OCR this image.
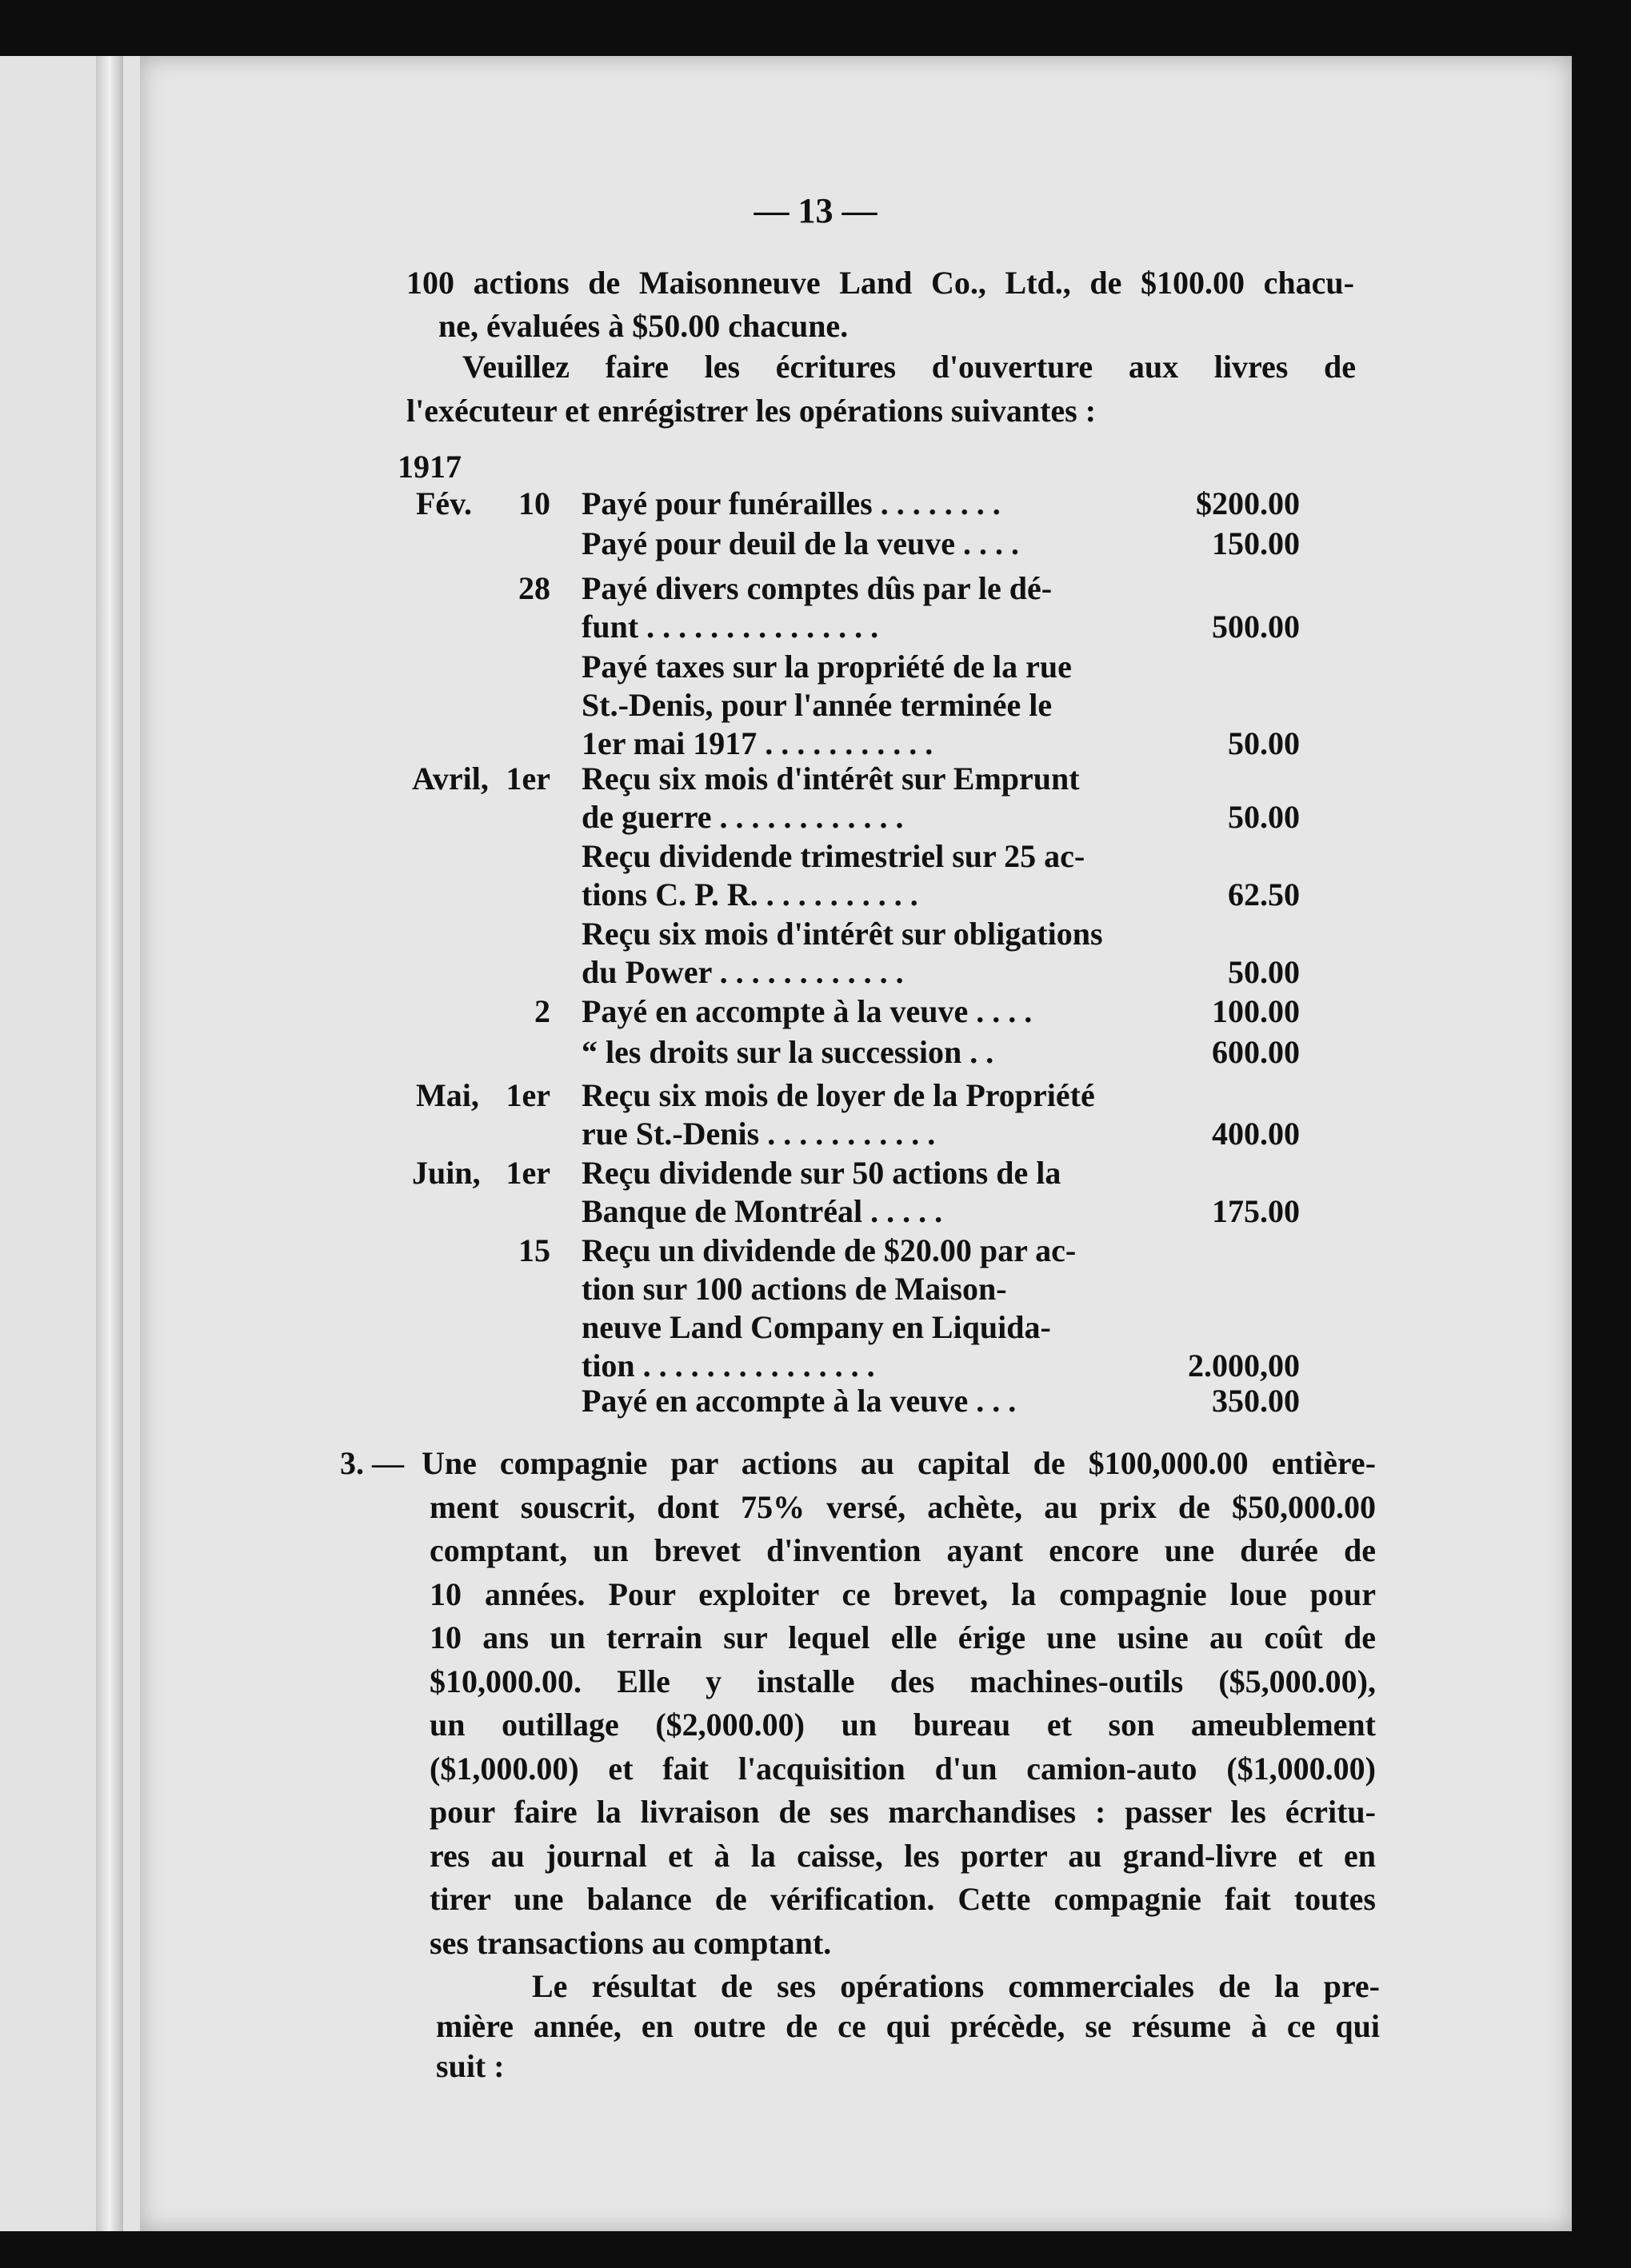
— 13 —
100 actions de Maisonneuve Land Co., Ltd., de $100.00 chacu-
ne, évaluées à $50.00 chacune.
Veuillez faire les écritures d'ouverture aux livres de
l'exécuteur et enrégistrer les opérations suivantes :
1917
Fév. 10 Payé pour funérailles . . . . . . . .	$200.00
Payé pour deuil de la veuve . . . .	150.00
28 Payé divers comptes dûs par le dé-
funt . . . . . . . . . . . . . . .	500.00
Payé taxes sur la propriété de la rue
St.-Denis, pour l'année terminée le
1er mai 1917 . . . . . . . . . . .	50.00
Avril, 1er Reçu six mois d'intérêt sur Emprunt
de guerre . . . . . . . . . . . .	50.00
Reçu dividende trimestriel sur 25 ac-
tions C. P. R. . . . . . . . . . .	62.50
Reçu six mois d'intérêt sur obligations
du Power . . . . . . . . . . . .	50.00
2 Payé en accompte à la veuve . . . .	100.00
“ les droits sur la succession . .	600.00
Mai, 1er Reçu six mois de loyer de la Propriété
rue St.-Denis . . . . . . . . . . .	400.00
Juin, 1er Reçu dividende sur 50 actions de la
Banque de Montréal . . . . .	175.00
15 Reçu un dividende de $20.00 par ac-
tion sur 100 actions de Maison-
neuve Land Company en Liquida-
tion . . . . . . . . . . . . . . .	2.000,00
Payé en accompte à la veuve . . .	350.00
3. — Une compagnie par actions au capital de $100,000.00 entière-
ment souscrit, dont 75% versé, achète, au prix de $50,000.00
comptant, un brevet d'invention ayant encore une durée de
10 années. Pour exploiter ce brevet, la compagnie loue pour
10 ans un terrain sur lequel elle érige une usine au coût de
$10,000.00. Elle y installe des machines-outils ($5,000.00),
un outillage ($2,000.00) un bureau et son ameublement
($1,000.00) et fait l'acquisition d'un camion-auto ($1,000.00)
pour faire la livraison de ses marchandises : passer les écritu-
res au journal et à la caisse, les porter au grand-livre et en
tirer une balance de vérification. Cette compagnie fait toutes
ses transactions au comptant.
Le résultat de ses opérations commerciales de la pre-
mière année, en outre de ce qui précède, se résume à ce qui
suit :
